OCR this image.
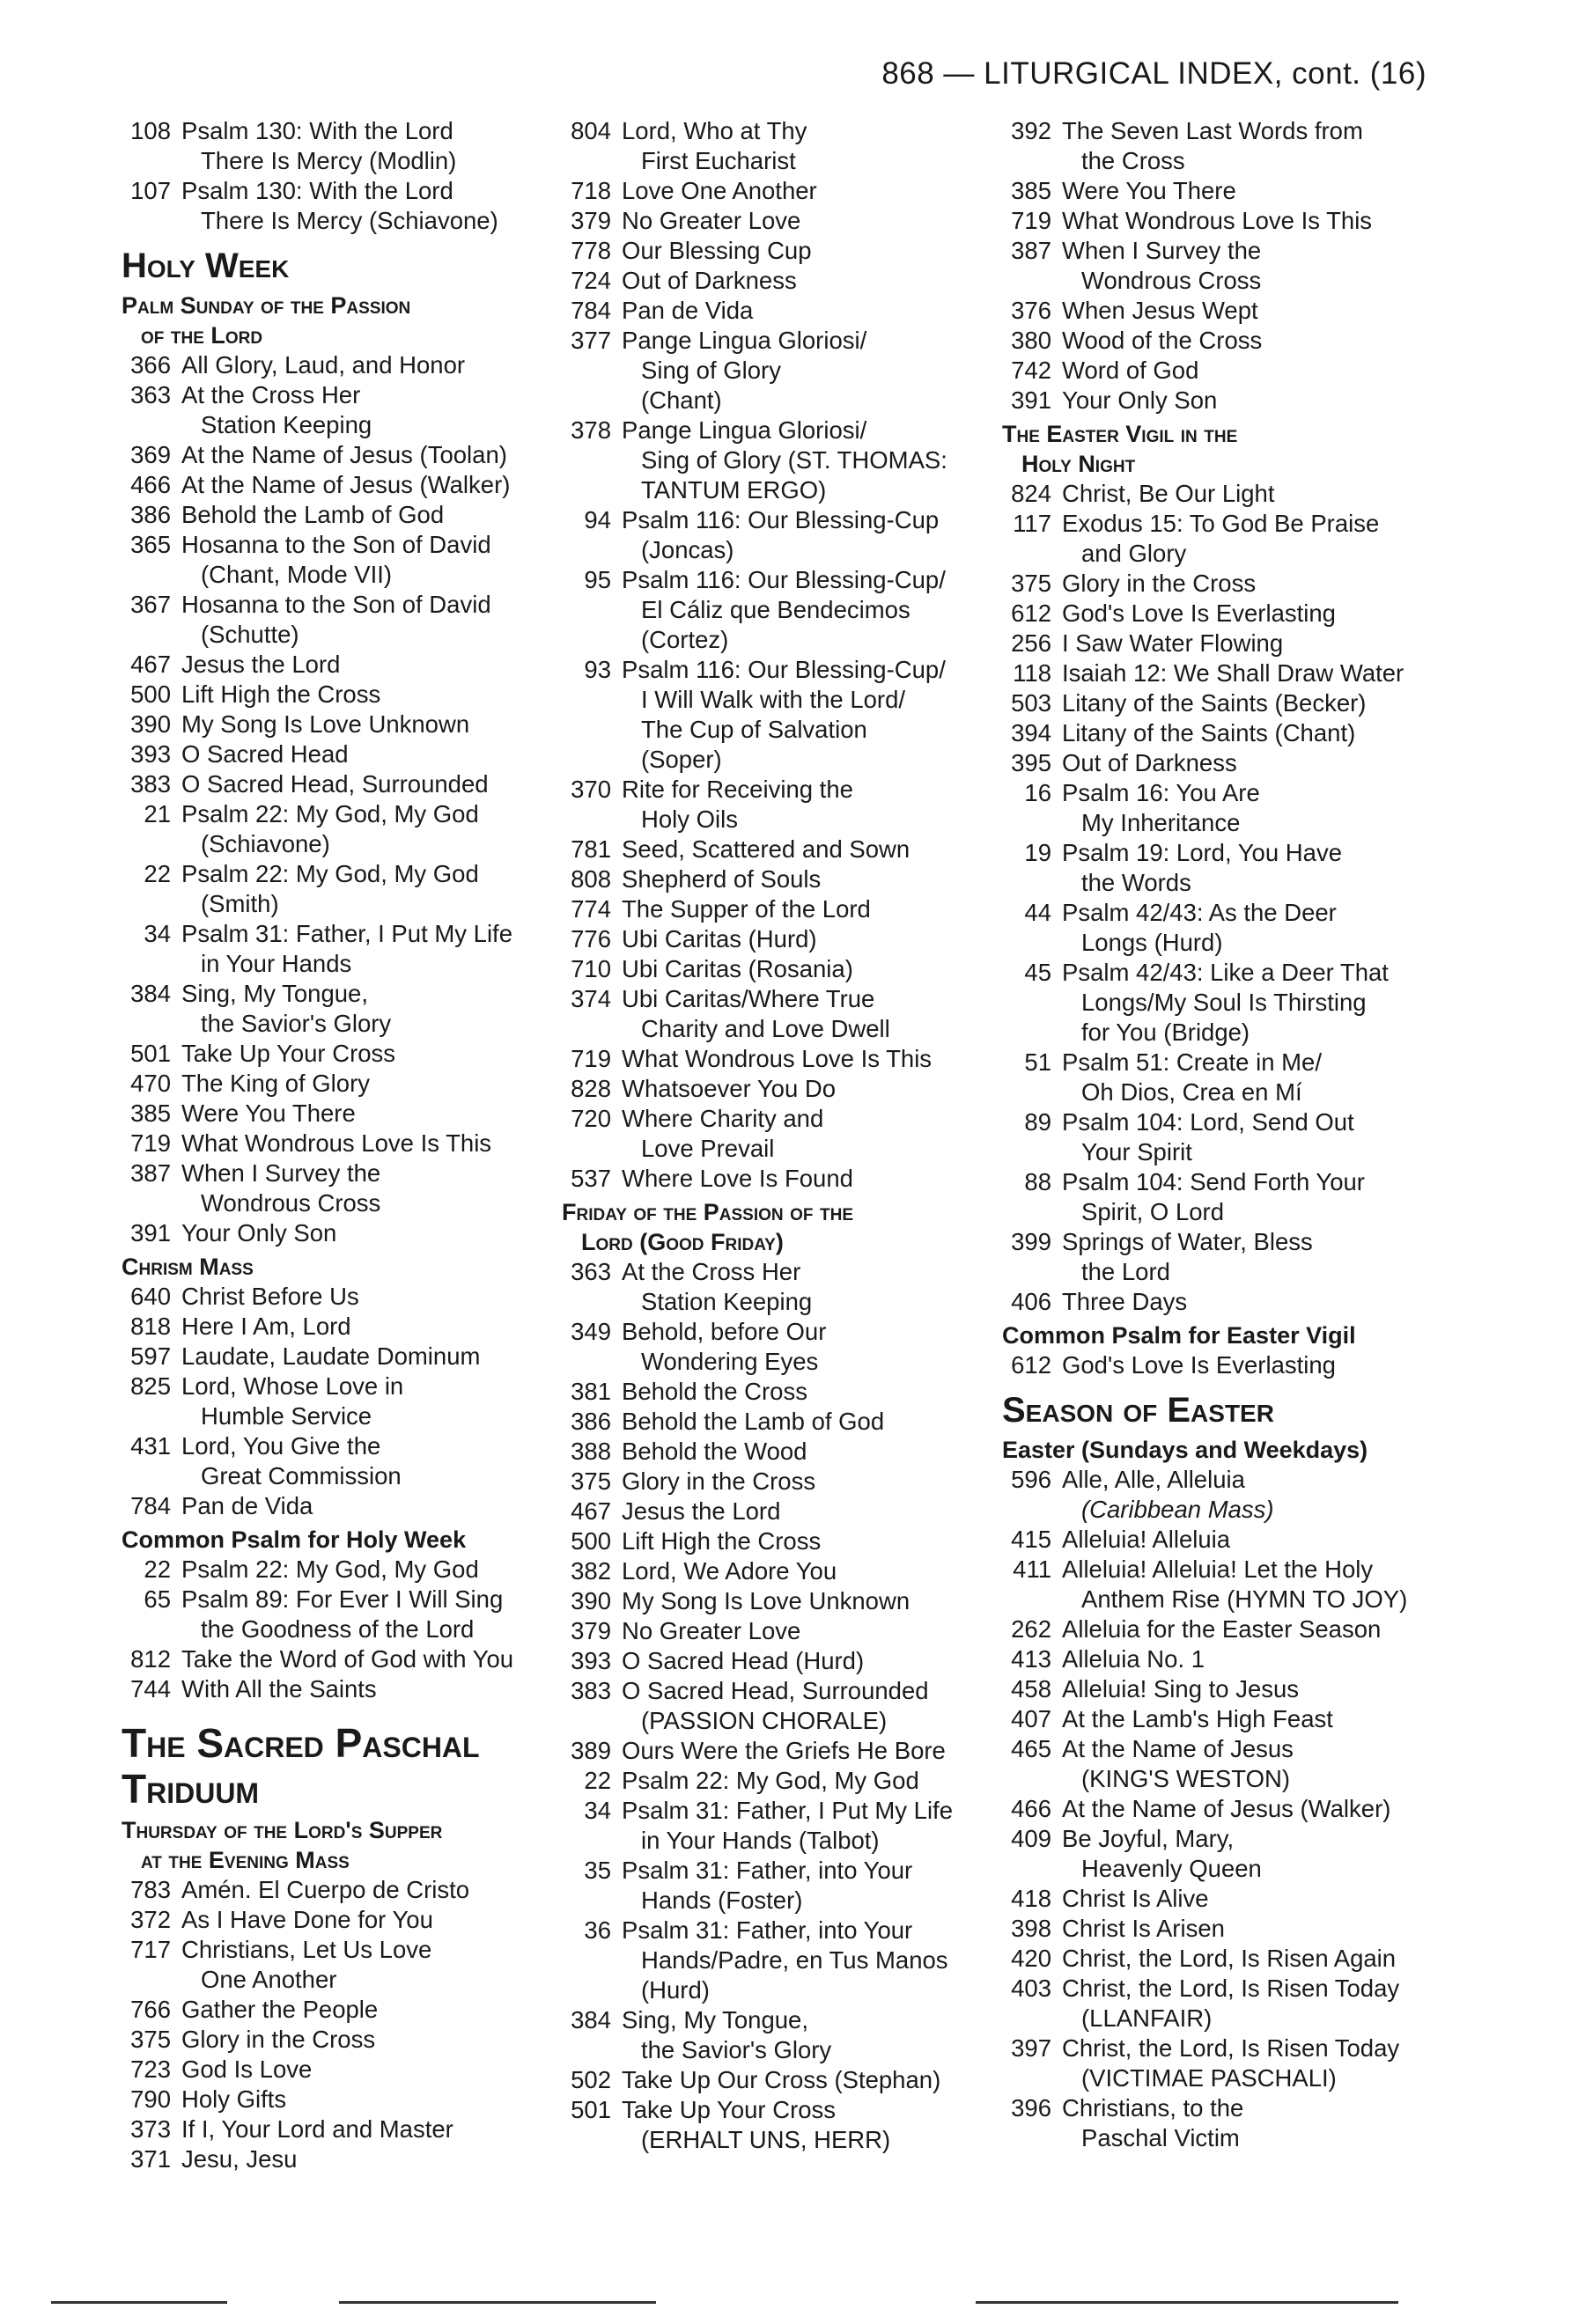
868 — LITURGICAL INDEX, cont. (16)
108 Psalm 130: With the Lord
There Is Mercy (Modlin)
107 Psalm 130: With the Lord
There Is Mercy (Schiavone)
Holy Week
Palm Sunday of the Passion
of the Lord
366 All Glory, Laud, and Honor
363 At the Cross Her
Station Keeping
369 At the Name of Jesus (Toolan)
466 At the Name of Jesus (Walker)
386 Behold the Lamb of God
365 Hosanna to the Son of David
(Chant, Mode VII)
367 Hosanna to the Son of David
(Schutte)
467 Jesus the Lord
500 Lift High the Cross
390 My Song Is Love Unknown
393 O Sacred Head
383 O Sacred Head, Surrounded
21 Psalm 22: My God, My God
(Schiavone)
22 Psalm 22: My God, My God
(Smith)
34 Psalm 31: Father, I Put My Life
in Your Hands
384 Sing, My Tongue,
the Savior's Glory
501 Take Up Your Cross
470 The King of Glory
385 Were You There
719 What Wondrous Love Is This
387 When I Survey the
Wondrous Cross
391 Your Only Son
Chrism Mass
640 Christ Before Us
818 Here I Am, Lord
597 Laudate, Laudate Dominum
825 Lord, Whose Love in
Humble Service
431 Lord, You Give the
Great Commission
784 Pan de Vida
Common Psalm for Holy Week
22 Psalm 22: My God, My God
65 Psalm 89: For Ever I Will Sing
the Goodness of the Lord
812 Take the Word of God with You
744 With All the Saints
The Sacred Paschal
Triduum
Thursday of the Lord's Supper
at the Evening Mass
783 Amén. El Cuerpo de Cristo
372 As I Have Done for You
717 Christians, Let Us Love
One Another
766 Gather the People
375 Glory in the Cross
723 God Is Love
790 Holy Gifts
373 If I, Your Lord and Master
371 Jesu, Jesu
804 Lord, Who at Thy
First Eucharist
718 Love One Another
379 No Greater Love
778 Our Blessing Cup
724 Out of Darkness
784 Pan de Vida
377 Pange Lingua Gloriosi/
Sing of Glory
(Chant)
378 Pange Lingua Gloriosi/
Sing of Glory (ST. THOMAS:
TANTUM ERGO)
94 Psalm 116: Our Blessing-Cup
(Joncas)
95 Psalm 116: Our Blessing-Cup/
El Cáliz que Bendecimos
(Cortez)
93 Psalm 116: Our Blessing-Cup/
I Will Walk with the Lord/
The Cup of Salvation
(Soper)
370 Rite for Receiving the
Holy Oils
781 Seed, Scattered and Sown
808 Shepherd of Souls
774 The Supper of the Lord
776 Ubi Caritas (Hurd)
710 Ubi Caritas (Rosania)
374 Ubi Caritas/Where True
Charity and Love Dwell
719 What Wondrous Love Is This
828 Whatsoever You Do
720 Where Charity and
Love Prevail
537 Where Love Is Found
Friday of the Passion of the
Lord (Good Friday)
363 At the Cross Her
Station Keeping
349 Behold, before Our
Wondering Eyes
381 Behold the Cross
386 Behold the Lamb of God
388 Behold the Wood
375 Glory in the Cross
467 Jesus the Lord
500 Lift High the Cross
382 Lord, We Adore You
390 My Song Is Love Unknown
379 No Greater Love
393 O Sacred Head (Hurd)
383 O Sacred Head, Surrounded
(PASSION CHORALE)
389 Ours Were the Griefs He Bore
22 Psalm 22: My God, My God
34 Psalm 31: Father, I Put My Life
in Your Hands (Talbot)
35 Psalm 31: Father, into Your
Hands (Foster)
36 Psalm 31: Father, into Your
Hands/Padre, en Tus Manos
(Hurd)
384 Sing, My Tongue,
the Savior's Glory
502 Take Up Our Cross (Stephan)
501 Take Up Your Cross
(ERHALT UNS, HERR)
392 The Seven Last Words from
the Cross
385 Were You There
719 What Wondrous Love Is This
387 When I Survey the
Wondrous Cross
376 When Jesus Wept
380 Wood of the Cross
742 Word of God
391 Your Only Son
The Easter Vigil in the
Holy Night
824 Christ, Be Our Light
117 Exodus 15: To God Be Praise
and Glory
375 Glory in the Cross
612 God's Love Is Everlasting
256 I Saw Water Flowing
118 Isaiah 12: We Shall Draw Water
503 Litany of the Saints (Becker)
394 Litany of the Saints (Chant)
395 Out of Darkness
16 Psalm 16: You Are
My Inheritance
19 Psalm 19: Lord, You Have
the Words
44 Psalm 42/43: As the Deer
Longs (Hurd)
45 Psalm 42/43: Like a Deer That
Longs/My Soul Is Thirsting
for You (Bridge)
51 Psalm 51: Create in Me/
Oh Dios, Crea en Mí
89 Psalm 104: Lord, Send Out
Your Spirit
88 Psalm 104: Send Forth Your
Spirit, O Lord
399 Springs of Water, Bless
the Lord
406 Three Days
Common Psalm for Easter Vigil
612 God's Love Is Everlasting
Season of Easter
Easter (Sundays and Weekdays)
596 Alle, Alle, Alleluia
(Caribbean Mass)
415 Alleluia! Alleluia
411 Alleluia! Alleluia! Let the Holy
Anthem Rise (HYMN TO JOY)
262 Alleluia for the Easter Season
413 Alleluia No. 1
458 Alleluia! Sing to Jesus
407 At the Lamb's High Feast
465 At the Name of Jesus
(KING'S WESTON)
466 At the Name of Jesus (Walker)
409 Be Joyful, Mary,
Heavenly Queen
418 Christ Is Alive
398 Christ Is Arisen
420 Christ, the Lord, Is Risen Again
403 Christ, the Lord, Is Risen Today
(LLANFAIR)
397 Christ, the Lord, Is Risen Today
(VICTIMAE PASCHALI)
396 Christians, to the
Paschal Victim
